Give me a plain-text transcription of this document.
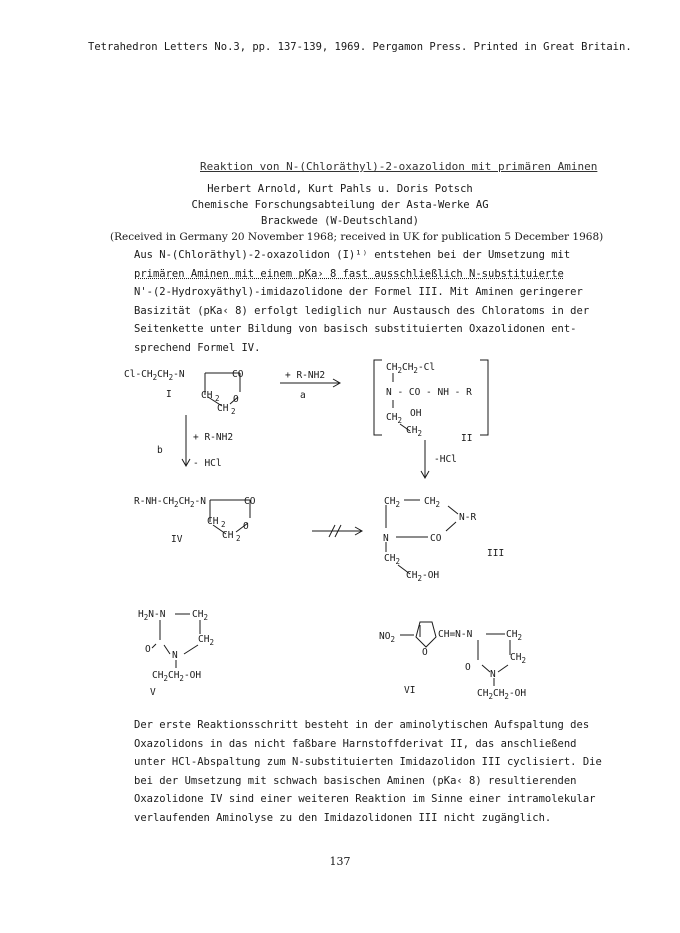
Tetrahedron Letters No.3, pp. 137-139, 1969. Pergamon Press. Printed in Great Britain.
Reaktion von N-(Chloräthyl)-2-oxazolidon mit primären Aminen
Herbert Arnold, Kurt Pahls u. Doris Potsch
Chemische Forschungsabteilung der Asta-Werke AG
Brackwede (W-Deutschland)
(Received in Germany 20 November 1968; received in UK for publication 5 December 1968)
Aus N-(Chloräthyl)-2-oxazolidon (I)¹⁾ entstehen bei der Umsetzung mit
primären Aminen mit einem pKa› 8 fast ausschließlich N-substituierte
N'-(2-Hydroxyäthyl)-imidazolidone der Formel III. Mit Aminen geringerer
Basizität (pKa‹ 8) erfolgt lediglich nur Austausch des Chloratoms in der
Seitenkette unter Bildung von basisch substituierten Oxazolidonen ent-
sprechend Formel IV.
$Cl-CH_2CH_2-N$	CO
CH 2 O
CH 2
I
+ R-NH2
a
$CH_2CH_2-Cl$
N - CO - NH - R
$CH_2$
OH
$CH_2$	II
-HCl
+ R-NH2
- HCl
b
$R-NH-CH_2CH_2-N$	CO
CH 2 O
CH 2
IV
$CH_2$	$CH_2$
N-R
N	CO
$CH_2$
$CH_2-OH$
III
$H_2N-N$	$CH_2$
$CH_2$
O
N
$CH_2CH_2-OH$
V
$NO_2$
O
CH=N-N	$CH_2$
$CH_2$
O
N
$CH_2CH_2-OH$
VI
Der erste Reaktionsschritt besteht in der aminolytischen Aufspaltung des
Oxazolidons in das nicht faßbare Harnstoffderivat II, das anschließend
unter HCl-Abspaltung zum N-substituierten Imidazolidon III cyclisiert. Die
bei der Umsetzung mit schwach basischen Aminen (pKa‹ 8) resultierenden
Oxazolidone IV sind einer weiteren Reaktion im Sinne einer intramolekular
verlaufenden Aminolyse zu den Imidazolidonen III nicht zugänglich.
137
